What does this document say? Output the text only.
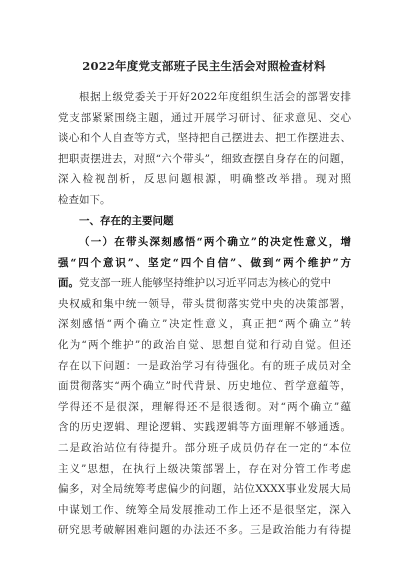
2022年度党支部班子民主生活会对照检查材料
根据上级党委关于开好2022年度组织生活会的部署安排
党支部紧紧围绕主题，通过开展学习研讨、征求意见、交心
谈心和个人自查等方式，坚持把自己摆进去、把工作摆进去、
把职责摆进去，对照“六个带头”，细致查摆自身存在的问题，
深入检视剖析，反思问题根源，明确整改举措。现对照
检查如下。
一、存在的主要问题
（一）在带头深刻感悟“两个确立”的决定性意义，增
强“四个意识”、坚定“四个自信”、做到“两个维护”方
面。党支部一班人能够坚持维护以习近平同志为核心的党中
央权威和集中统一领导，带头贯彻落实党中央的决策部署，
深刻感悟“两个确立”决定性意义，真正把“两个确立”转
化为“两个维护”的政治自觉、思想自觉和行动自觉。但还
存在以下问题：一是政治学习有待强化。有的班子成员对全
面贯彻落实“两个确立”时代背景、历史地位、哲学意蕴等，
学得还不是很深，理解得还不是很透彻。对“两个确立”蕴
含的历史逻辑、理论逻辑、实践逻辑等方面理解不够通透。
二是政治站位有待提升。部分班子成员仍存在一定的“本位
主义”思想，在执行上级决策部署上，存在对分管工作考虑
偏多，对全局统筹考虑偏少的问题，站位XXXX事业发展大局
中谋划工作、统筹全局发展推动工作上还不是很坚定，深入
研究思考破解困难问题的办法还不多。三是政治能力有待提
